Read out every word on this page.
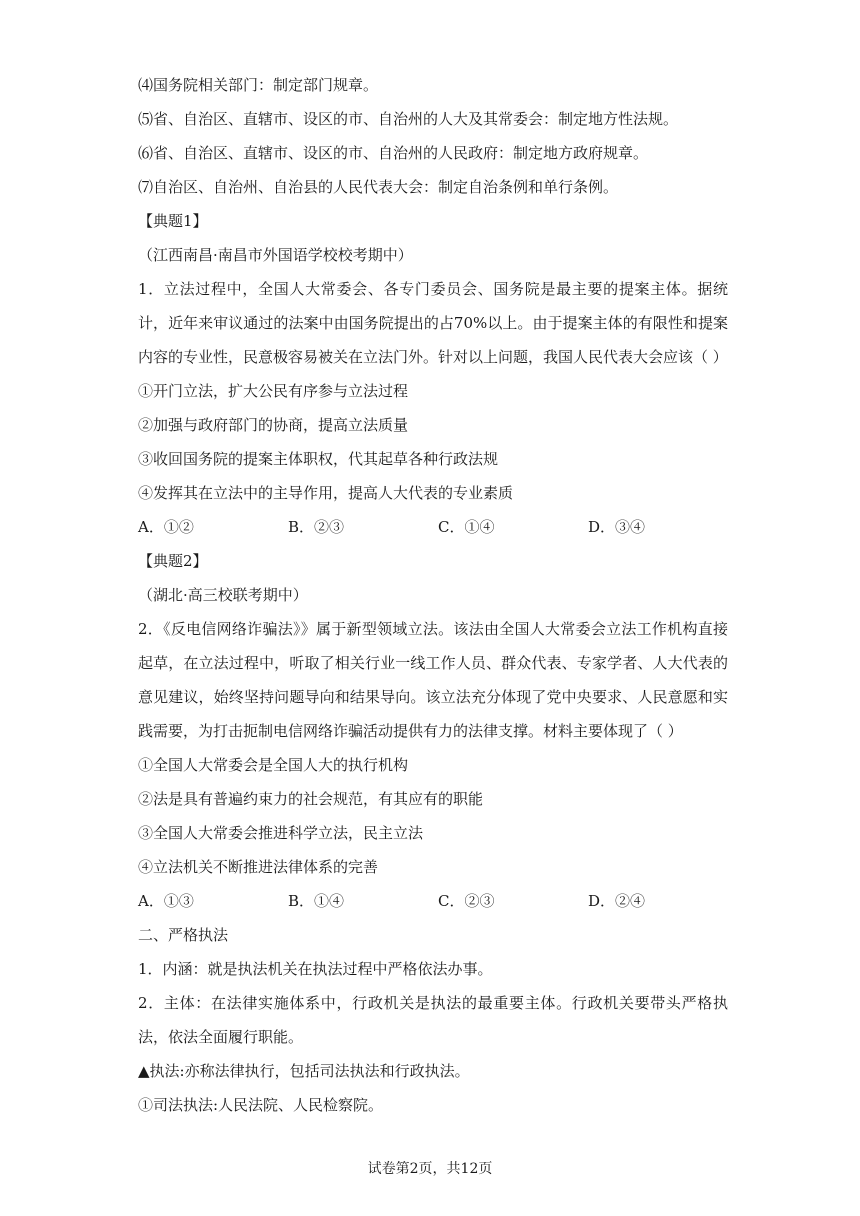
⑷国务院相关部门：制定部门规章。
⑸省、自治区、直辖市、设区的市、自治州的人大及其常委会：制定地方性法规。
⑹省、自治区、直辖市、设区的市、自治州的人民政府：制定地方政府规章。
⑺自治区、自治州、自治县的人民代表大会：制定自治条例和单行条例。
【典题1】
（江西南昌·南昌市外国语学校校考期中）
1．立法过程中，全国人大常委会、各专门委员会、国务院是最主要的提案主体。据统计，近年来审议通过的法案中由国务院提出的占70%以上。由于提案主体的有限性和提案内容的专业性，民意极容易被关在立法门外。针对以上问题，我国人民代表大会应该（ ）
①开门立法，扩大公民有序参与立法过程
②加强与政府部门的协商，提高立法质量
③收回国务院的提案主体职权，代其起草各种行政法规
④发挥其在立法中的主导作用，提高人大代表的专业素质
A．①②	B．②③	C．①④	D．③④
【典题2】
（湖北·高三校联考期中）
2．《反电信网络诈骗法》》属于新型领域立法。该法由全国人大常委会立法工作机构直接起草，在立法过程中，听取了相关行业一线工作人员、群众代表、专家学者、人大代表的意见建议，始终坚持问题导向和结果导向。该立法充分体现了党中央要求、人民意愿和实践需要，为打击扼制电信网络诈骗活动提供有力的法律支撑。材料主要体现了（ ）
①全国人大常委会是全国人大的执行机构
②法是具有普遍约束力的社会规范，有其应有的职能
③全国人大常委会推进科学立法，民主立法
④立法机关不断推进法律体系的完善
A．①③	B．①④	C．②③	D．②④
二、严格执法
1．内涵：就是执法机关在执法过程中严格依法办事。
2．主体：在法律实施体系中，行政机关是执法的最重要主体。行政机关要带头严格执法，依法全面履行职能。
▲执法:亦称法律执行，包括司法执法和行政执法。
①司法执法:人民法院、人民检察院。
试卷第2页，共12页
